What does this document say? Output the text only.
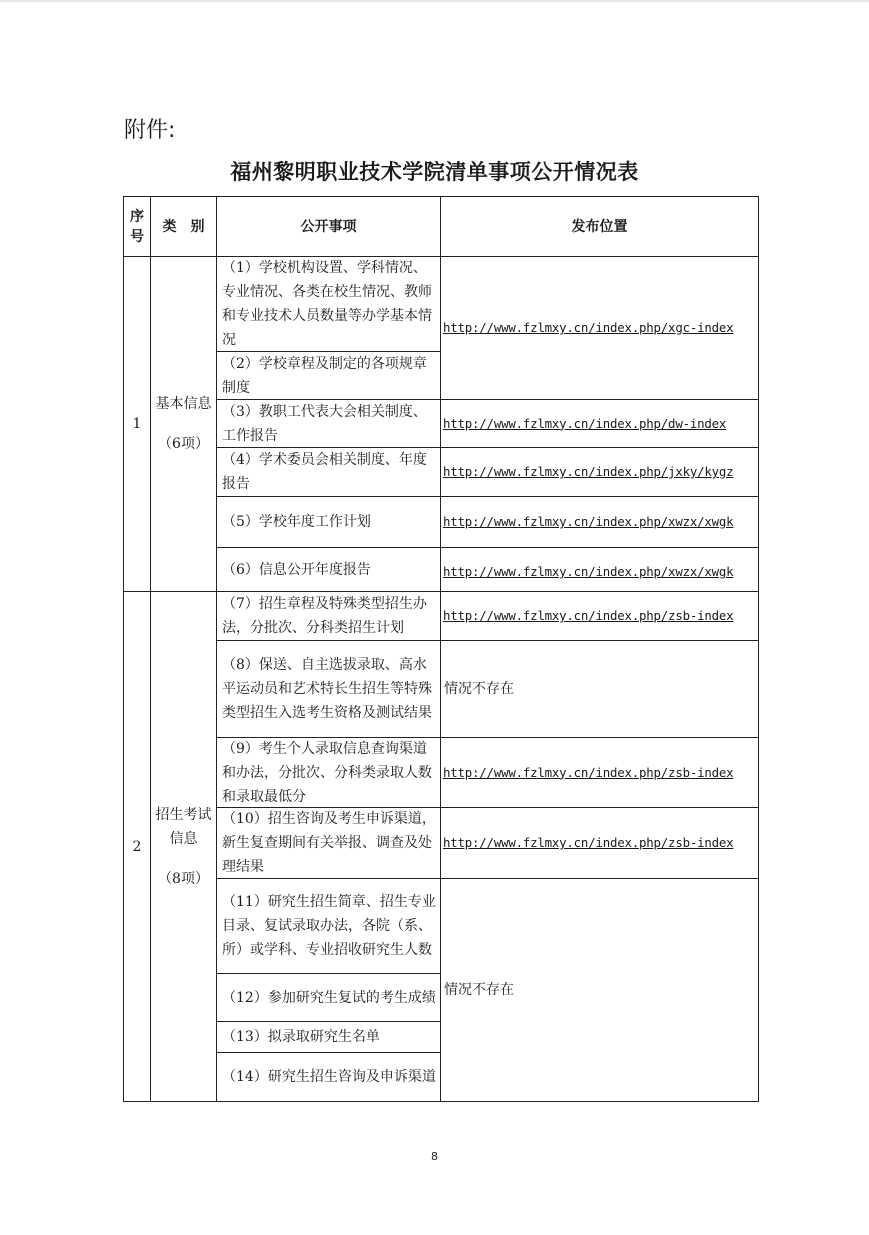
附件:
福州黎明职业技术学院清单事项公开情况表
序
号
类　别	公开事项	发布位置
1
基本信息
（6项）
2
招生考试
信息
（8项）
（1）学校机构设置、学科情况、专业情况、各类在校生情况、教师和专业技术人员数量等办学基本情况
（2）学校章程及制定的各项规章制度
（3）教职工代表大会相关制度、工作报告
（4）学术委员会相关制度、年度报告
（5）学校年度工作计划
（6）信息公开年度报告
（7）招生章程及特殊类型招生办法，分批次、分科类招生计划
（8）保送、自主选拔录取、高水平运动员和艺术特长生招生等特殊类型招生入选考生资格及测试结果
（9）考生个人录取信息查询渠道和办法，分批次、分科类录取人数和录取最低分
（10）招生咨询及考生申诉渠道，新生复查期间有关举报、调查及处理结果
（11）研究生招生简章、招生专业目录、复试录取办法，各院（系、所）或学科、专业招收研究生人数
（12）参加研究生复试的考生成绩
（13）拟录取研究生名单
（14）研究生招生咨询及申诉渠道
http://www.fzlmxy.cn/index.php/xgc-index
http://www.fzlmxy.cn/index.php/dw-index
http://www.fzlmxy.cn/index.php/jxky/kygz
http://www.fzlmxy.cn/index.php/xwzx/xwgk
http://www.fzlmxy.cn/index.php/xwzx/xwgk
http://www.fzlmxy.cn/index.php/zsb-index
情况不存在
http://www.fzlmxy.cn/index.php/zsb-index
http://www.fzlmxy.cn/index.php/zsb-index
情况不存在
8
